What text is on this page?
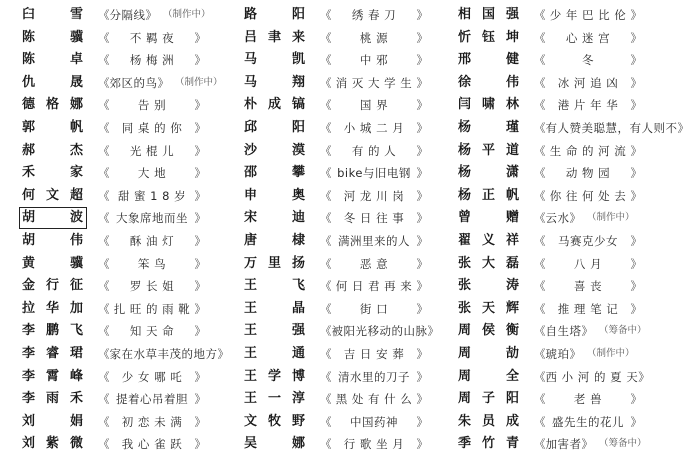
臼 雪 《 分隔线 》 （制作中）
陈 骥 《 不 羁 夜 》
陈 卓 《 杨 梅 洲 》
仇 晟 《 郊区的鸟 》 （制作中）
德格娜 《 告 别 》
郭 帆 《 同 桌 的 你 》
郝 杰 《 光 棍 儿 》
禾 家 《 大 地 》
何文超 《 甜 蜜 1 8 岁 》
胡 波 《 大象席地而坐 》
胡 伟 《 酥 油 灯 》
黄 骥 《 笨 鸟 》
金行征 《 罗 长 姐 》
拉华加 《 扎 旺 的 雨 靴 》
李鹏飞 《 知 天 命 》
李睿珺 《 家在水草丰茂的地方 》
李霄峰 《 少 女 哪 吒 》
李雨禾 《 提着心吊着胆 》
刘 娟 《 初 恋 未 满 》
刘紫微 《 我 心 雀 跃 》
路 阳 《 绣 春 刀 》
吕聿来 《 桃 源 》
马 凯 《 中 邪 》
马 翔 《 消 灭 大 学 生 》
朴成镐 《 国 界 》
邱 阳 《 小 城 二 月 》
沙 漠 《 有 的 人 》
邵 攀 《 bike与旧电钢 》
申 奥 《 河 龙 川 岗 》
宋 迪 《 冬 日 往 事 》
唐 棣 《 满洲里来的人 》
万里扬 《 恶 意 》
王 飞 《 何 日 君 再 来 》
王 晶 《 街 口 》
王 强 《 被阳光移动的山脉 》
王 通 《 吉 日 安 葬 》
王学博 《 清水里的刀子 》
王一淳 《 黑 处 有 什 么 》
文牧野 《 中国药神 》
吴 娜 《 行 歌 坐 月 》
相国强 《 少 年 巴 比 伦 》
忻钰坤 《 心 迷 宫 》
邢 健 《	冬	》
徐 伟 《 冰 河 追 凶 》
闫啸林 《 港 片 年 华 》
杨 瑾 《 有人赞美聪慧，有人则不 》
杨平道 《 生 命 的 河 流 》
杨 潇 《 动 物 园 》
杨正帆 《 你 往 何 处 去 》
曾 赠 《 云水 》 （制作中）
翟义祥 《 马赛克少女 》
张大磊 《 八 月 》
张 涛 《 喜 丧 》
张天辉 《 推 理 笔 记 》
周侯衡 《 自生塔 》 （筹备中）
周 劼 《 琥珀 》 （制作中）
周 全 《 西 小 河 的 夏 天 》
周子阳 《 老 兽 》
朱员成 《 盛先生的花儿 》
季竹青 《 加害者 》 （筹备中）
